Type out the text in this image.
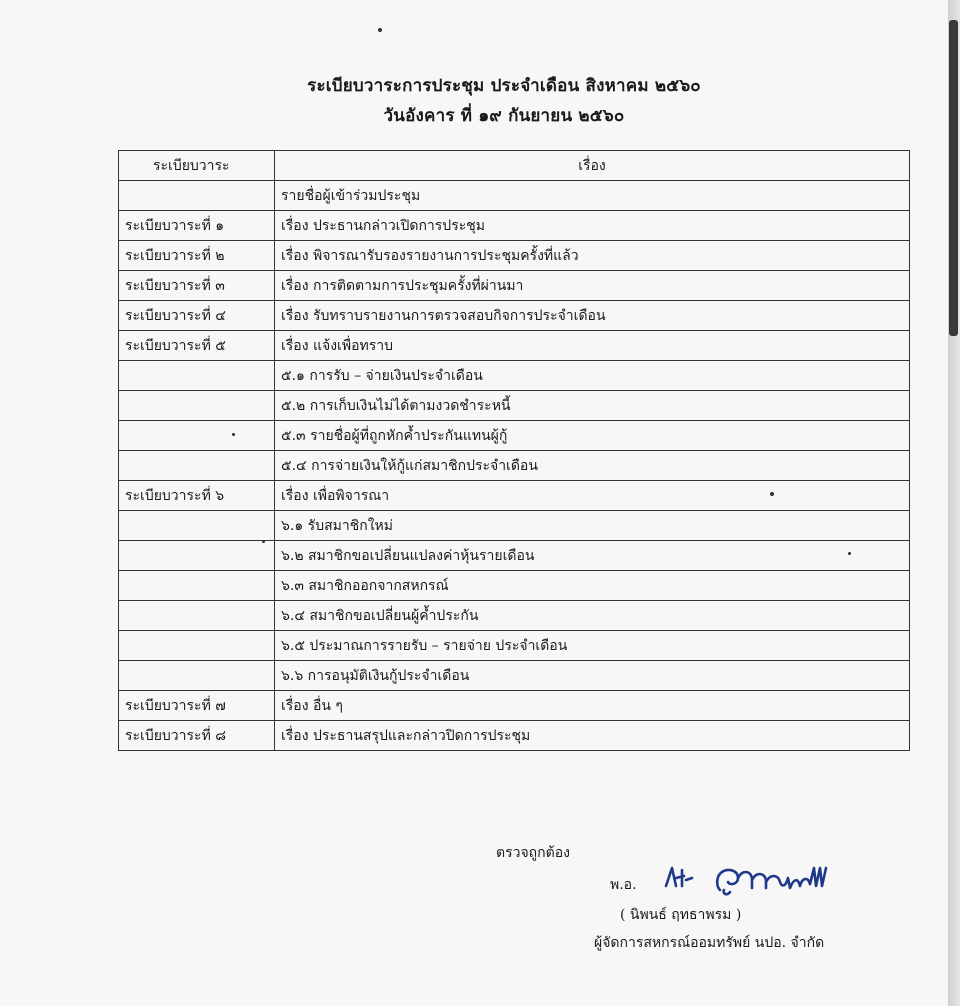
ระเบียบวาระการประชุม ประจำเดือน สิงหาคม ๒๕๖๐
วันอังคาร ที่ ๑๙ กันยายน ๒๕๖๐
ระเบียบวาระ	เรื่อง
	รายชื่อผู้เข้าร่วมประชุม
ระเบียบวาระที่ ๑	เรื่อง ประธานกล่าวเปิดการประชุม
ระเบียบวาระที่ ๒	เรื่อง พิจารณารับรองรายงานการประชุมครั้งที่แล้ว
ระเบียบวาระที่ ๓	เรื่อง การติดตามการประชุมครั้งที่ผ่านมา
ระเบียบวาระที่ ๔	เรื่อง รับทราบรายงานการตรวจสอบกิจการประจำเดือน
ระเบียบวาระที่ ๕	เรื่อง แจ้งเพื่อทราบ
	๕.๑ การรับ – จ่ายเงินประจำเดือน
	๕.๒ การเก็บเงินไม่ได้ตามงวดชำระหนี้
	๕.๓ รายชื่อผู้ที่ถูกหักค้ำประกันแทนผู้กู้
	๕.๔ การจ่ายเงินให้กู้แก่สมาชิกประจำเดือน
ระเบียบวาระที่ ๖	เรื่อง เพื่อพิจารณา
	๖.๑ รับสมาชิกใหม่
	๖.๒ สมาชิกขอเปลี่ยนแปลงค่าหุ้นรายเดือน
	๖.๓ สมาชิกออกจากสหกรณ์
	๖.๔ สมาชิกขอเปลี่ยนผู้ค้ำประกัน
	๖.๕ ประมาณการรายรับ – รายจ่าย ประจำเดือน
	๖.๖ การอนุมัติเงินกู้ประจำเดือน
ระเบียบวาระที่ ๗	เรื่อง อื่น ๆ
ระเบียบวาระที่ ๘	เรื่อง ประธานสรุปและกล่าวปิดการประชุม
ตรวจถูกต้อง
พ.อ.
( นิพนธ์ ฤทธาพรม )
ผู้จัดการสหกรณ์ออมทรัพย์ นปอ. จำกัด
